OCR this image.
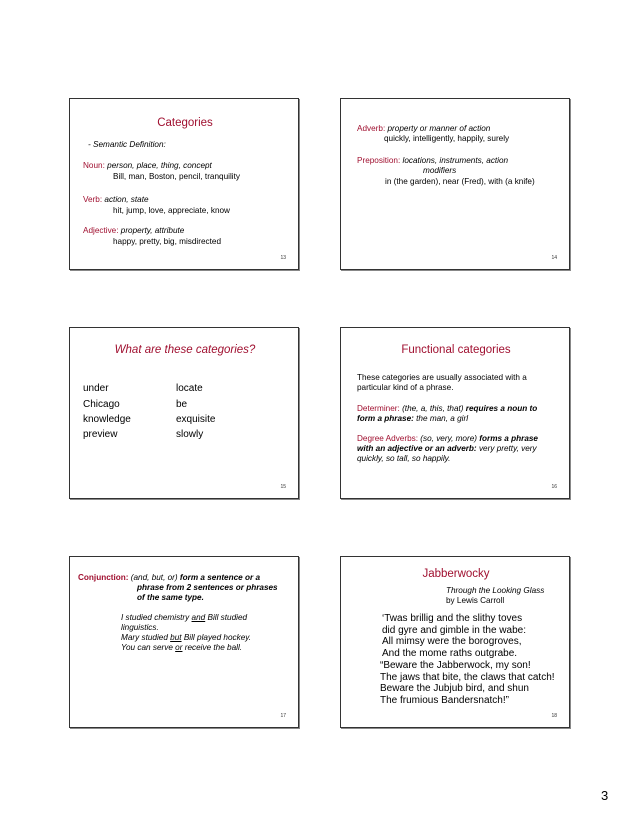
Categories
- Semantic Definition:
Noun: person, place, thing, concept
Bill, man, Boston, pencil, tranquility
Verb: action, state
hit, jump, love, appreciate, know
Adjective: property, attribute
happy, pretty, big, misdirected
13
Adverb: property or manner of action
quickly, intelligently, happily, surely
Preposition: locations, instruments, action
modifiers
in (the garden), near (Fred), with (a knife)
14
What are these categories?
under
Chicago
knowledge
preview
locate
be
exquisite
slowly
15
Functional categories
These categories are usually associated with a
particular kind of a phrase.
Determiner: (the, a, this, that) requires a noun to
form a phrase: the man, a girl
Degree Adverbs: (so, very, more) forms a phrase
with an adjective or an adverb: very pretty, very
quickly, so tall, so happily.
16
Conjunction: (and, but, or) form a sentence or a
phrase from 2 sentences or phrases
of the same type.
I studied chemistry and Bill studied
linguistics.
Mary studied but Bill played hockey.
You can serve or receive the ball.
17
Jabberwocky
Through the Looking Glass
by Lewis Carroll
‘Twas brillig and the slithy toves
did gyre and gimble in the wabe:
All mimsy were the borogroves,
And the mome raths outgrabe.
“Beware the Jabberwock, my son!
The jaws that bite, the claws that catch!
Beware the Jubjub bird, and shun
The frumious Bandersnatch!”
18
3
